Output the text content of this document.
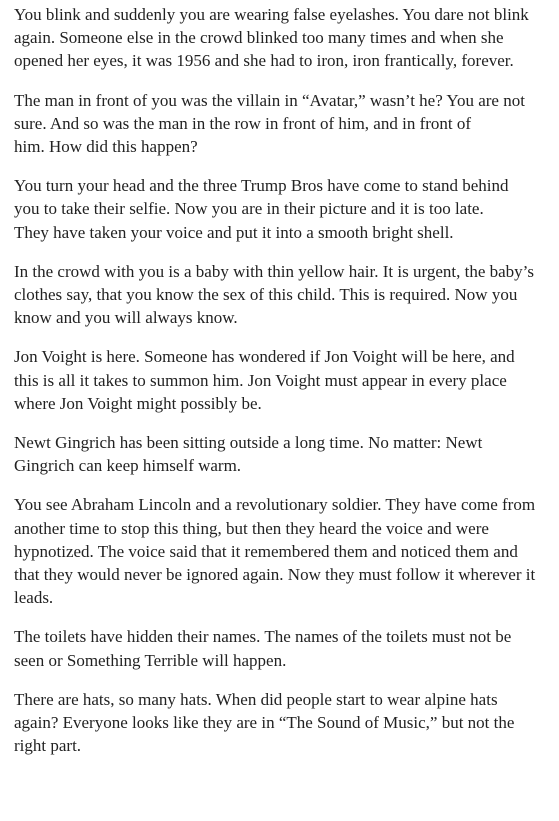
You blink and suddenly you are wearing false eyelashes. You dare not blink
again. Someone else in the crowd blinked too many times and when she
opened her eyes, it was 1956 and she had to iron, iron frantically, forever.

The man in front of you was the villain in “Avatar,” wasn’t he? You are not
sure. And so was the man in the row in front of him, and in front of
him. How did this happen?

You turn your head and the three Trump Bros have come to stand behind
you to take their selfie. Now you are in their picture and it is too late.
They have taken your voice and put it into a smooth bright shell.

In the crowd with you is a baby with thin yellow hair. It is urgent, the baby’s
clothes say, that you know the sex of this child. This is required. Now you
know and you will always know.

Jon Voight is here. Someone has wondered if Jon Voight will be here, and
this is all it takes to summon him. Jon Voight must appear in every place
where Jon Voight might possibly be.

Newt Gingrich has been sitting outside a long time. No matter: Newt
Gingrich can keep himself warm.

You see Abraham Lincoln and a revolutionary soldier. They have come from
another time to stop this thing, but then they heard the voice and were
hypnotized. The voice said that it remembered them and noticed them and
that they would never be ignored again. Now they must follow it wherever it
leads.

The toilets have hidden their names. The names of the toilets must not be
seen or Something Terrible will happen.

There are hats, so many hats. When did people start to wear alpine hats
again? Everyone looks like they are in “The Sound of Music,” but not the
right part.
